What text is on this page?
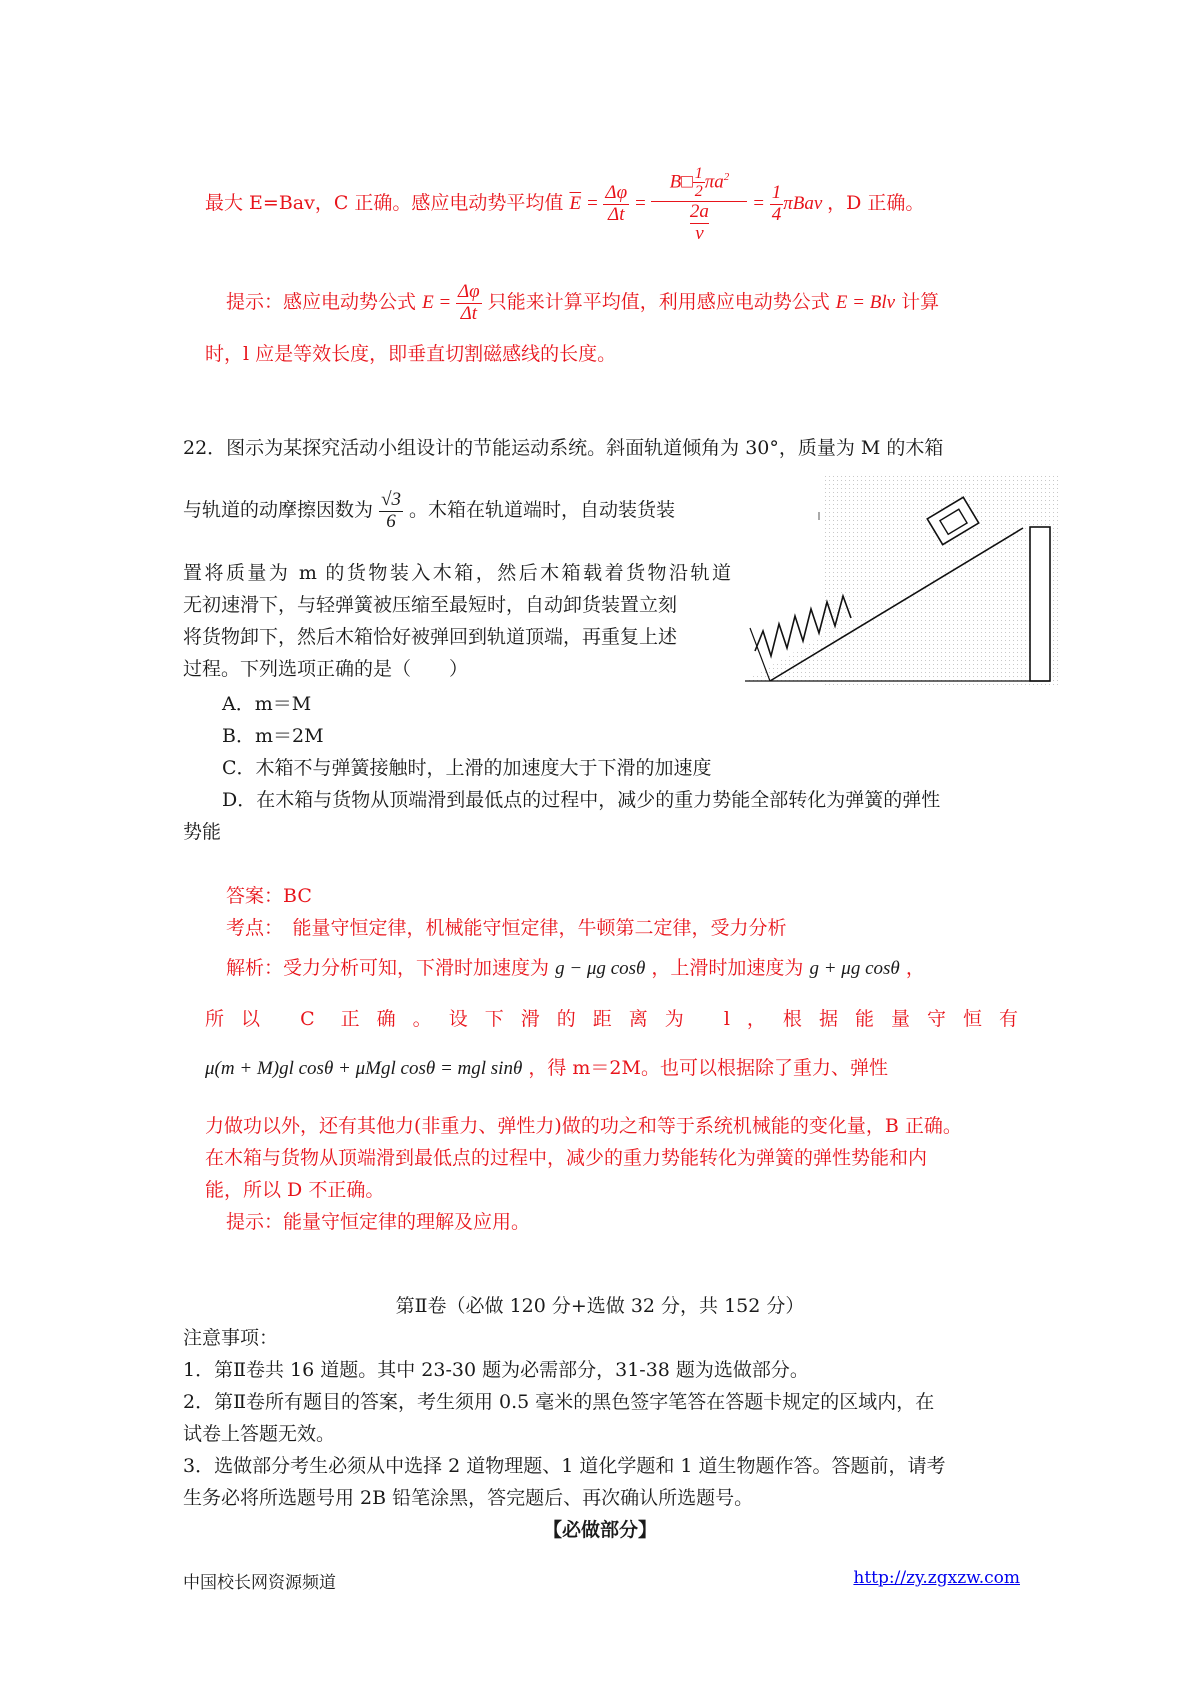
最大 E=Bav，C 正确。感应电动势平均值 $\overline{E} = \frac{\Delta\varphi}{\Delta t}$ =
B□ $\frac{1}{2} \pi a^2$
2a
v
= $\frac{1}{4}$ πBav ，D 正确。
提示：感应电动势公式 $E = \frac{\Delta\varphi}{\Delta t}$ 只能来计算平均值，利用感应电动势公式 E = Blv 计算
时，l 应是等效长度，即垂直切割磁感线的长度。
22．图示为某探究活动小组设计的节能运动系统。斜面轨道倾角为 30°，质量为 M 的木箱
与轨道的动摩擦因数为 $\frac{√3}{6}$ 。木箱在轨道端时，自动装货装
置将质量为 m 的货物装入木箱，然后木箱载着货物沿轨道
无初速滑下，与轻弹簧被压缩至最短时，自动卸货装置立刻
将货物卸下，然后木箱恰好被弹回到轨道顶端，再重复上述
过程。下列选项正确的是（　　）
A．m＝M
B．m＝2M
C．木箱不与弹簧接触时，上滑的加速度大于下滑的加速度
D．在木箱与货物从顶端滑到最低点的过程中，减少的重力势能全部转化为弹簧的弹性
势能
答案：BC
考点：　能量守恒定律，机械能守恒定律，牛顿第二定律，受力分析
解析：受力分析可知，下滑时加速度为 g − μg cosθ ，上滑时加速度为 g + μg cosθ ，
所以 C 正确。设下滑的距离为 l，根据能量守恒有
μ(m + M)gl cosθ + μMgl cosθ = mgl sinθ ，得 m＝2M。也可以根据除了重力、弹性
力做功以外，还有其他力(非重力、弹性力)做的功之和等于系统机械能的变化量，B 正确。
在木箱与货物从顶端滑到最低点的过程中，减少的重力势能转化为弹簧的弹性势能和内
能，所以 D 不正确。
提示：能量守恒定律的理解及应用。
第Ⅱ卷（必做 120 分+选做 32 分，共 152 分）
注意事项：
1．第Ⅱ卷共 16 道题。其中 23-30 题为必需部分，31-38 题为选做部分。
2．第Ⅱ卷所有题目的答案，考生须用 0.5 毫米的黑色签字笔答在答题卡规定的区域内，在
试卷上答题无效。
3．选做部分考生必须从中选择 2 道物理题、1 道化学题和 1 道生物题作答。答题前，请考
生务必将所选题号用 2B 铅笔涂黑，答完题后、再次确认所选题号。
【必做部分】
中国校长网资源频道	http://zy.zgxzw.com
